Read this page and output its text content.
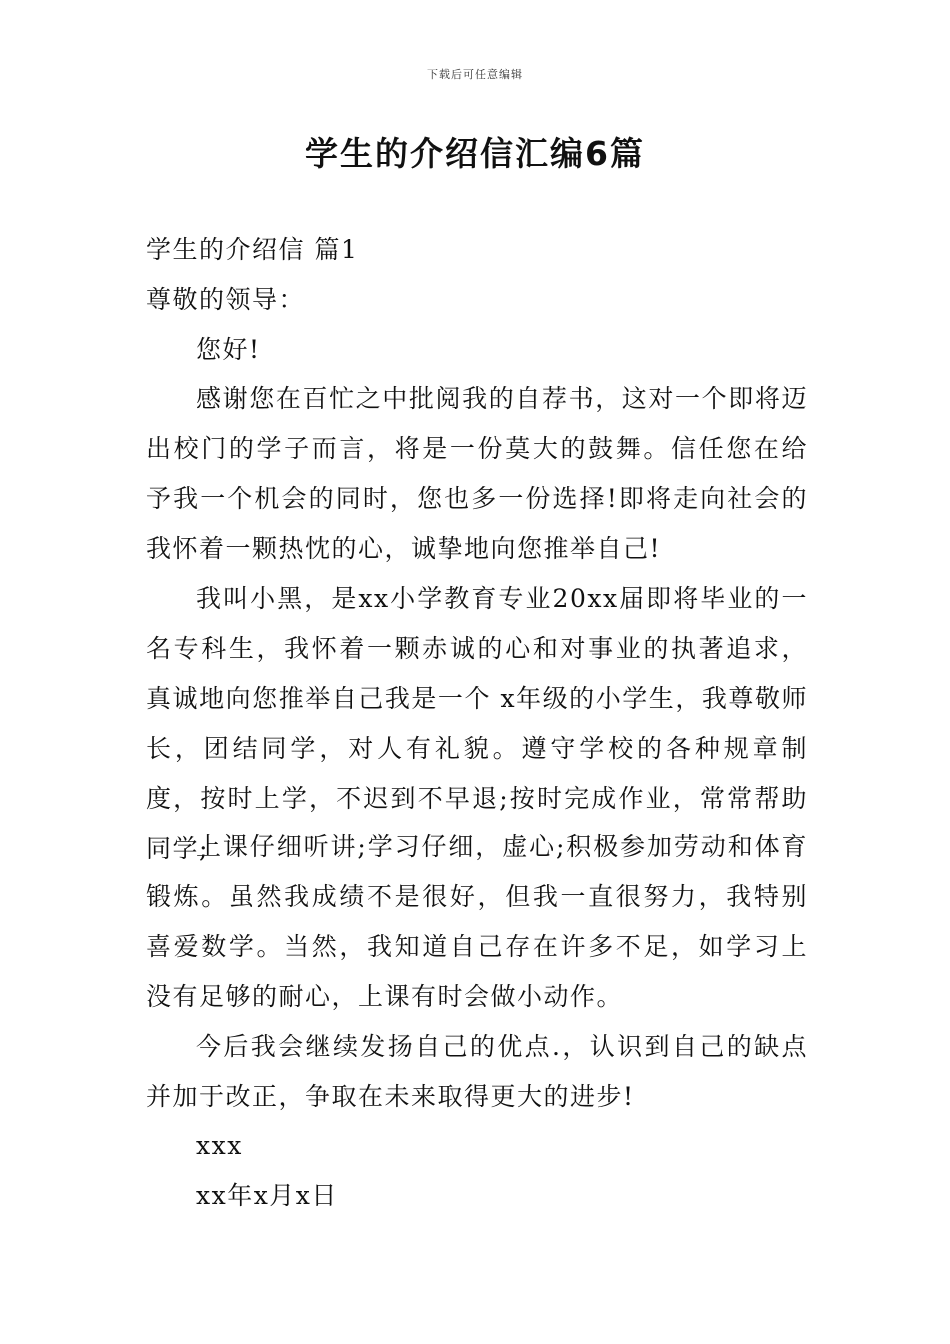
下载后可任意编辑
学生的介绍信汇编6篇
学生的介绍信 篇1
尊敬的领导：
您好!

感谢您在百忙之中批阅我的自荐书，这对一个即将迈出校门的学子而言，将是一份莫大的鼓舞。信任您在给予我一个机会的同时，您也多一份选择!即将走向社会的我怀着一颗热忱的心，诚挚地向您推举自己!

我叫小黑，是xx小学教育专业20xx届即将毕业的一名专科生，我怀着一颗赤诚的心和对事业的执著追求，真诚地向您推举自己我是一个 x年级的小学生，我尊敬师长，团结同学，对人有礼貌。遵守学校的各种规章制度，按时上学，不迟到不早退;按时完成作业，常常帮助同学;

上课仔细听讲;学习仔细，虚心;积极参加劳动和体育锻炼。虽然我成绩不是很好，但我一直很努力，我特别喜爱数学。当然，我知道自己存在许多不足，如学习上没有足够的耐心，上课有时会做小动作。

今后我会继续发扬自己的优点.，认识到自己的缺点并加于改正，争取在未来取得更大的进步!

xxx
xx年x月x日
